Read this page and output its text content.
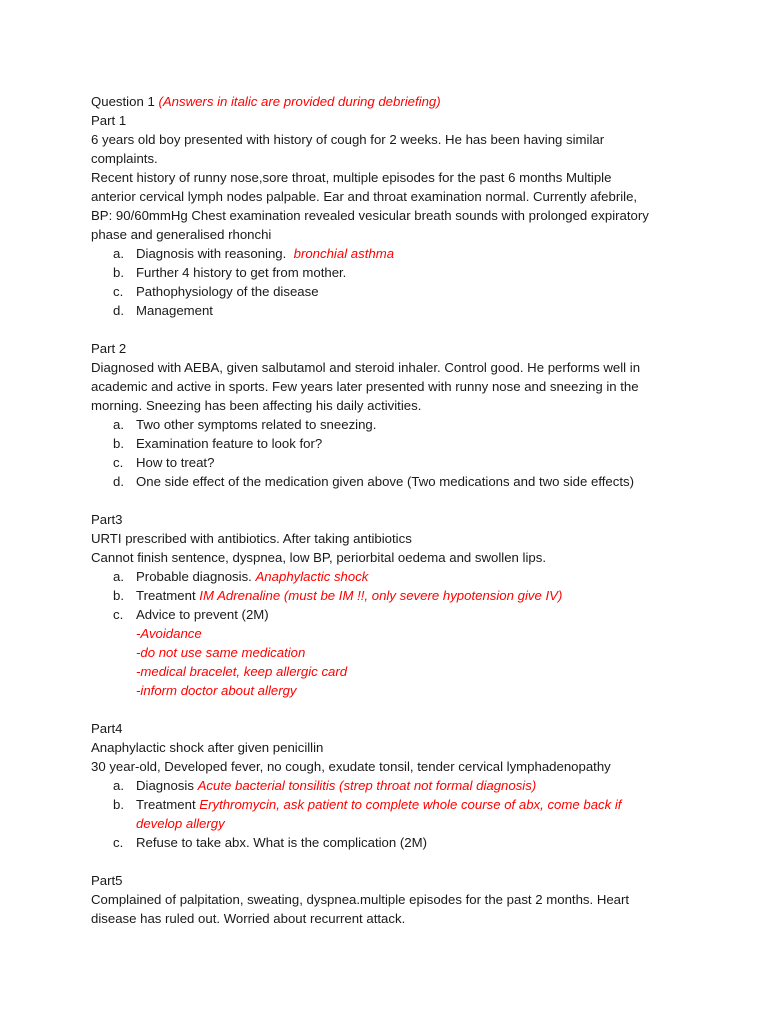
Question 1 (Answers in italic are provided during debriefing)

Part 1

6 years old boy presented with history of cough for 2 weeks. He has been having similar

complaints.

Recent history of runny nose,sore throat, multiple episodes for the past 6 months Multiple

anterior cervical lymph nodes palpable. Ear and throat examination normal. Currently afebrile,

BP: 90/60mmHg Chest examination revealed vesicular breath sounds with prolonged expiratory

phase and generalised rhonchi

a. Diagnosis with reasoning. bronchial asthma
b. Further 4 history to get from mother.
c. Pathophysiology of the disease
d. Management

Part 2

Diagnosed with AEBA, given salbutamol and steroid inhaler. Control good. He performs well in

academic and active in sports. Few years later presented with runny nose and sneezing in the

morning. Sneezing has been affecting his daily activities.

a. Two other symptoms related to sneezing.
b. Examination feature to look for?
c. How to treat?
d. One side effect of the medication given above (Two medications and two side effects)

Part3

URTI prescribed with antibiotics. After taking antibiotics

Cannot finish sentence, dyspnea, low BP, periorbital oedema and swollen lips.

a. Probable diagnosis. Anaphylactic shock
b. Treatment IM Adrenaline (must be IM !!, only severe hypotension give IV)
c. Advice to prevent (2M)

-Avoidance

-do not use same medication

-medical bracelet, keep allergic card

-inform doctor about allergy

Part4

Anaphylactic shock after given penicillin

30 year-old, Developed fever, no cough, exudate tonsil, tender cervical lymphadenopathy

a. Diagnosis Acute bacterial tonsilitis (strep throat not formal diagnosis)
b. Treatment Erythromycin, ask patient to complete whole course of abx, come back if

develop allergy

c. Refuse to take abx. What is the complication (2M)

Part5

Complained of palpitation, sweating, dyspnea.multiple episodes for the past 2 months. Heart

disease has ruled out. Worried about recurrent attack.
